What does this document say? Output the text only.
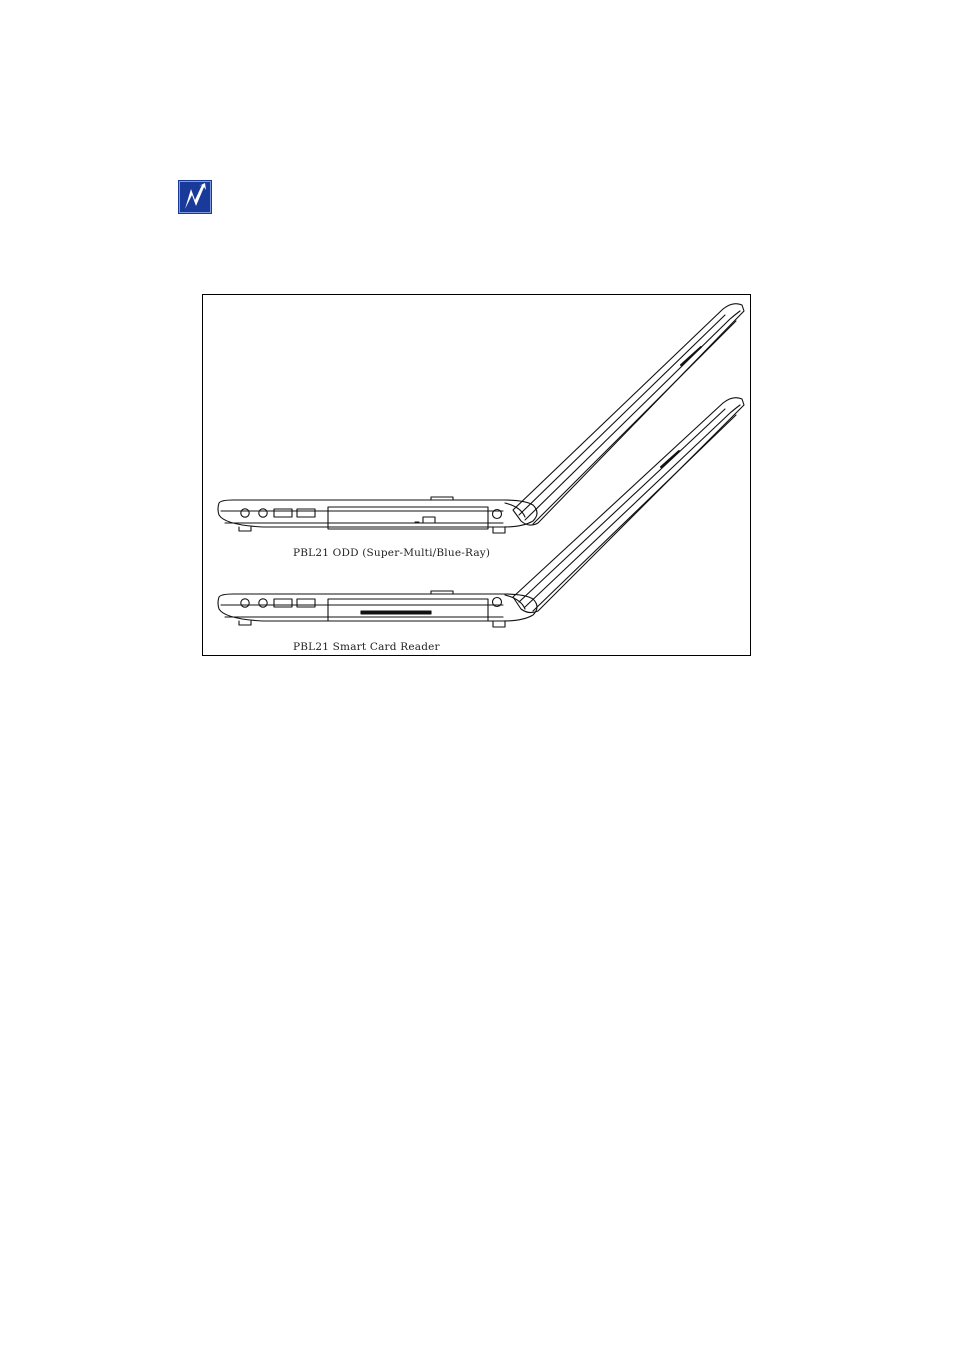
PBL21 ODD (Super-Multi/Blue-Ray)
PBL21 Smart Card Reader
